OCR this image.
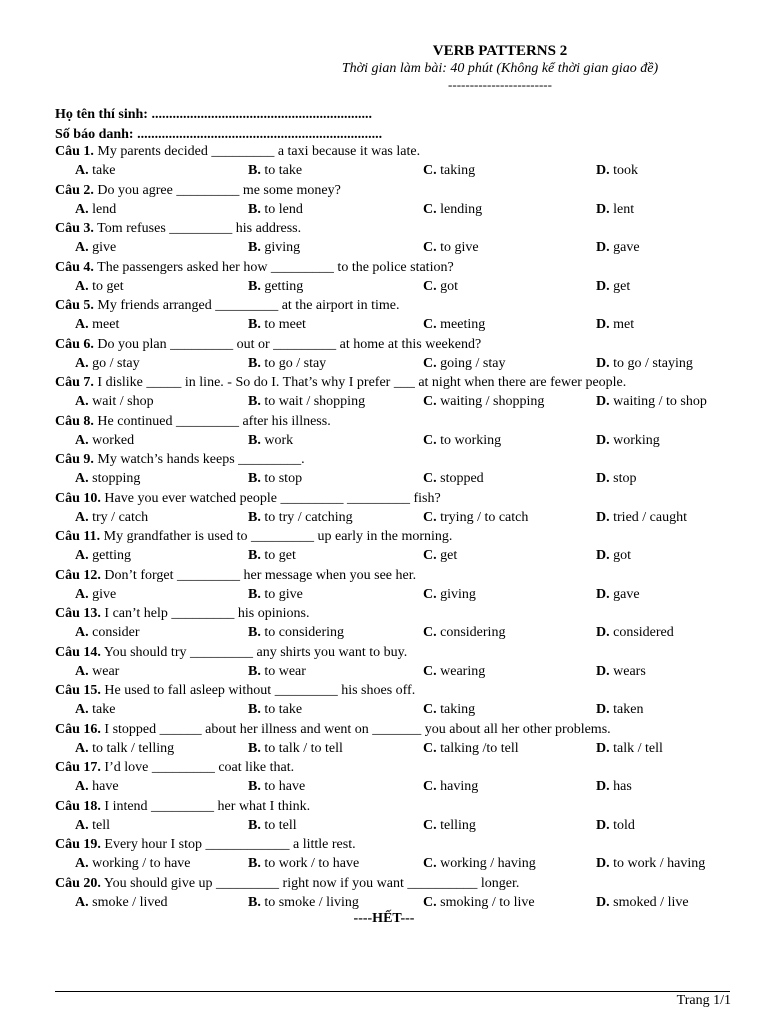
VERB PATTERNS 2
Thời gian làm bài: 40 phút (Không kể thời gian giao đề)
------------------------
Họ tên thí sinh: ...............................................................
Số báo danh: ......................................................................
Câu 1. My parents decided _________ a taxi because it was late.
A. take	B. to take	C. taking	D. took
Câu 2. Do you agree _________ me some money?
A. lend	B. to lend	C. lending	D. lent
Câu 3. Tom refuses _________ his address.
A. give	B. giving	C. to give	D. gave
Câu 4. The passengers asked her how _________ to the police station?
A. to get	B. getting	C. got	D. get
Câu 5. My friends arranged _________ at the airport in time.
A. meet	B. to meet	C. meeting	D. met
Câu 6. Do you plan _________ out or _________ at home at this weekend?
A. go / stay	B. to go / stay	C. going / stay	D. to go / staying
Câu 7. I dislike _____ in line. - So do I. That’s why I prefer ___ at night when there are fewer people.
A. wait / shop	B. to wait / shopping	C. waiting / shopping	D. waiting / to shop
Câu 8. He continued _________ after his illness.
A. worked	B. work	C. to working	D. working
Câu 9. My watch’s hands keeps _________.
A. stopping	B. to stop	C. stopped	D. stop
Câu 10. Have you ever watched people _________ _________ fish?
A. try / catch	B. to try / catching	C. trying / to catch	D. tried / caught
Câu 11. My grandfather is used to _________ up early in the morning.
A. getting	B. to get	C. get	D. got
Câu 12. Don’t forget _________ her message when you see her.
A. give	B. to give	C. giving	D. gave
Câu 13. I can’t help _________ his opinions.
A. consider	B. to considering	C. considering	D. considered
Câu 14. You should try _________ any shirts you want to buy.
A. wear	B. to wear	C. wearing	D. wears
Câu 15. He used to fall asleep without _________ his shoes off.
A. take	B. to take	C. taking	D. taken
Câu 16. I stopped ______ about her illness and went on _______ you about all her other problems.
A. to talk / telling	B. to talk / to tell	C. talking /to tell	D. talk / tell
Câu 17. I’d love _________ coat like that.
A. have	B. to have	C. having	D. has
Câu 18. I intend _________ her what I think.
A. tell	B. to tell	C. telling	D. told
Câu 19. Every hour I stop ____________ a little rest.
A. working / to have	B. to work / to have	C. working / having	D. to work / having
Câu 20. You should give up _________ right now if you want __________ longer.
A. smoke / lived	B. to smoke / living	C. smoking / to live	D. smoked / live
----HẾT---
Trang 1/1
